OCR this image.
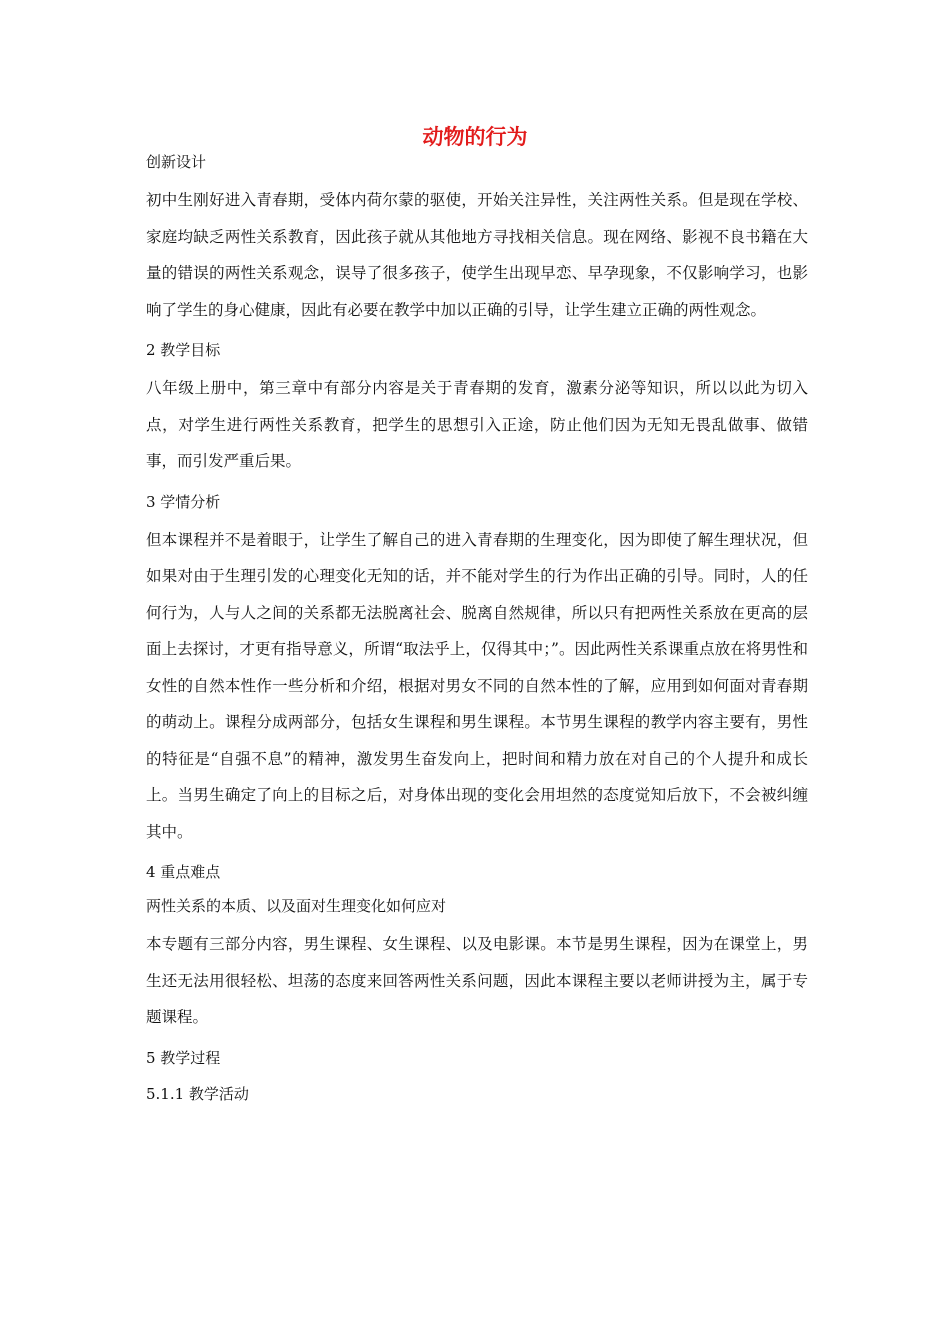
动物的行为

创新设计

初中生刚好进入青春期，受体内荷尔蒙的驱使，开始关注异性，关注两性关系。但是现在学校、家庭均缺乏两性关系教育，因此孩子就从其他地方寻找相关信息。现在网络、影视不良书籍在大量的错误的两性关系观念，误导了很多孩子，使学生出现早恋、早孕现象，不仅影响学习，也影响了学生的身心健康，因此有必要在教学中加以正确的引导，让学生建立正确的两性观念。

2 教学目标

八年级上册中，第三章中有部分内容是关于青春期的发育，激素分泌等知识，所以以此为切入点，对学生进行两性关系教育，把学生的思想引入正途，防止他们因为无知无畏乱做事、做错事，而引发严重后果。

3 学情分析

但本课程并不是着眼于，让学生了解自己的进入青春期的生理变化，因为即使了解生理状况，但如果对由于生理引发的心理变化无知的话，并不能对学生的行为作出正确的引导。同时，人的任何行为，人与人之间的关系都无法脱离社会、脱离自然规律，所以只有把两性关系放在更高的层面上去探讨，才更有指导意义，所谓“取法乎上，仅得其中；”。因此两性关系课重点放在将男性和女性的自然本性作一些分析和介绍，根据对男女不同的自然本性的了解，应用到如何面对青春期的萌动上。课程分成两部分，包括女生课程和男生课程。本节男生课程的教学内容主要有，男性的特征是“自强不息”的精神，激发男生奋发向上，把时间和精力放在对自己的个人提升和成长上。当男生确定了向上的目标之后，对身体出现的变化会用坦然的态度觉知后放下，不会被纠缠其中。

4 重点难点

两性关系的本质、以及面对生理变化如何应对

本专题有三部分内容，男生课程、女生课程、以及电影课。本节是男生课程，因为在课堂上，男生还无法用很轻松、坦荡的态度来回答两性关系问题，因此本课程主要以老师讲授为主，属于专题课程。

5 教学过程

5.1.1 教学活动
